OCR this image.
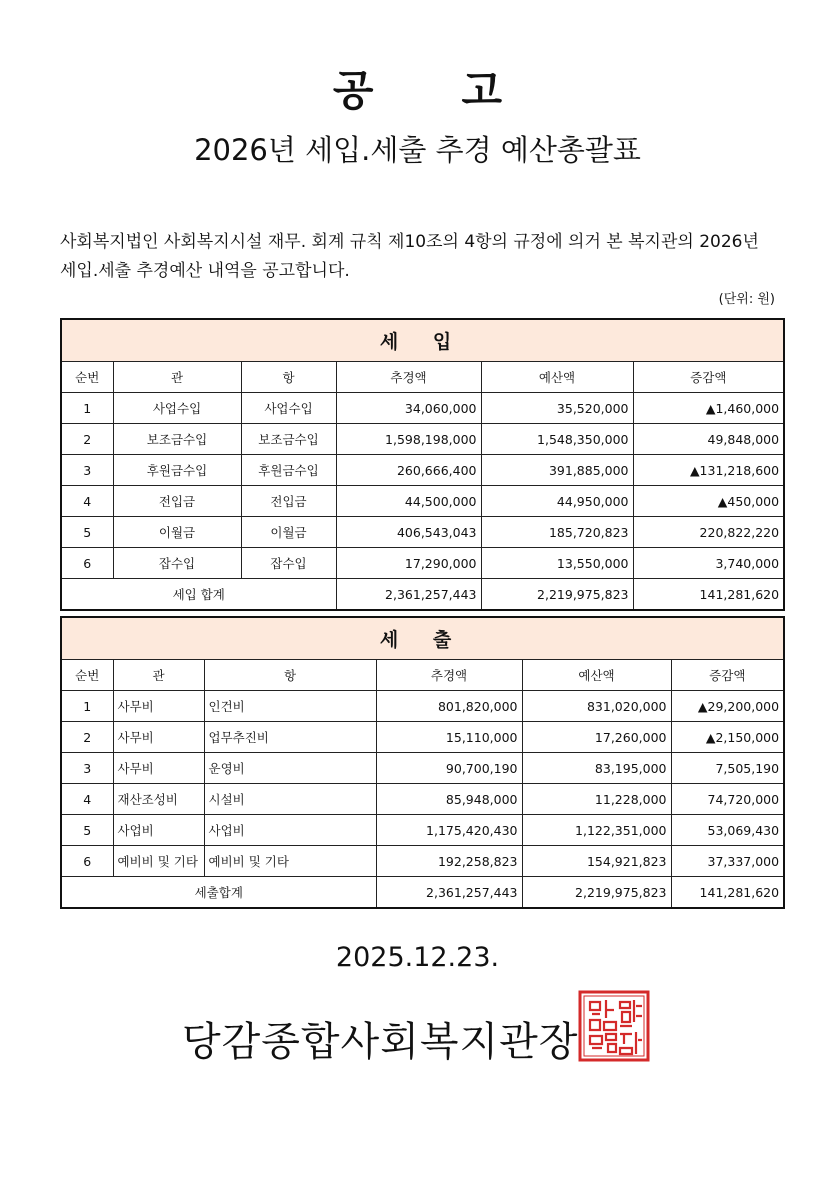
공 고
2026년 세입.세출 추경 예산총괄표
사회복지법인 사회복지시설 재무. 회계 규칙 제10조의 4항의 규정에 의거 본 복지관의 2026년
세입.세출 추경예산 내역을 공고합니다.
(단위: 원)
세 입					
순번	관	항	추경액	예산액	증감액
1	사업수입	사업수입	34,060,000	35,520,000	▲1,460,000
2	보조금수입	보조금수입	1,598,198,000	1,548,350,000	49,848,000
3	후원금수입	후원금수입	260,666,400	391,885,000	▲131,218,600
4	전입금	전입금	44,500,000	44,950,000	▲450,000
5	이월금	이월금	406,543,043	185,720,823	220,822,220
6	잡수입	잡수입	17,290,000	13,550,000	3,740,000
세입 합계			2,361,257,443	2,219,975,823	141,281,620
세 출					
순번	관	항	추경액	예산액	증감액
1	사무비	인건비	801,820,000	831,020,000	▲29,200,000
2	사무비	업무추진비	15,110,000	17,260,000	▲2,150,000
3	사무비	운영비	90,700,190	83,195,000	7,505,190
4	재산조성비	시설비	85,948,000	11,228,000	74,720,000
5	사업비	사업비	1,175,420,430	1,122,351,000	53,069,430
6	예비비 및 기타	예비비 및 기타	192,258,823	154,921,823	37,337,000
세출합계			2,361,257,443	2,219,975,823	141,281,620
2025.12.23.
당감종합사회복지관장
